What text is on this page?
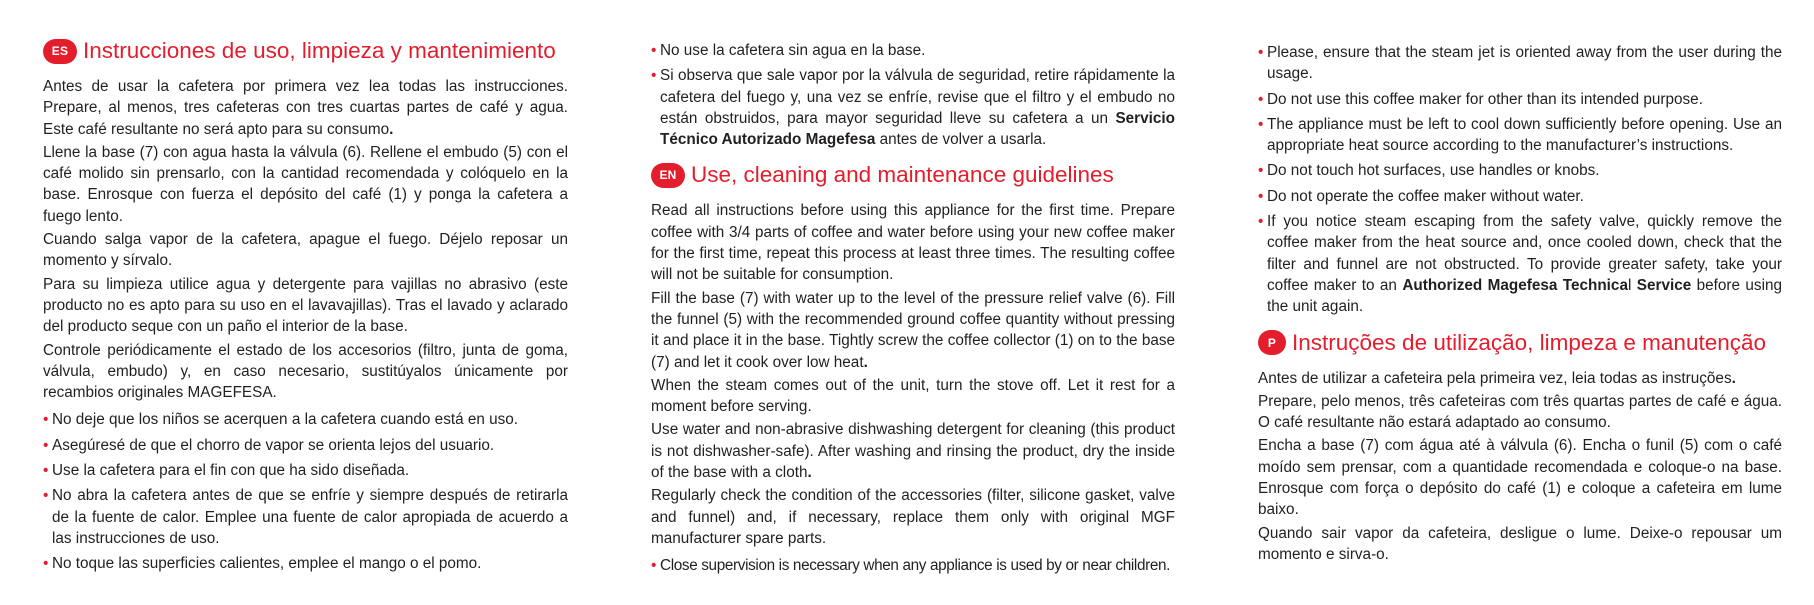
ES Instrucciones de uso, limpieza y mantenimiento

Antes de usar la cafetera por primera vez lea todas las instrucciones. Prepare, al menos, tres cafeteras con tres cuartas partes de café y agua. Este café resultante no será apto para su consumo.

Llene la base (7) con agua hasta la válvula (6). Rellene el embudo (5) con el café molido sin prensarlo, con la cantidad recomendada y colóquelo en la base. Enrosque con fuerza el depósito del café (1) y ponga la cafetera a fuego lento.

Cuando salga vapor de la cafetera, apague el fuego. Déjelo reposar un momento y sírvalo.

Para su limpieza utilice agua y detergente para vajillas no abrasivo (este producto no es apto para su uso en el lavavajillas). Tras el lavado y aclarado del producto seque con un paño el interior de la base.

Controle periódicamente el estado de los accesorios (filtro, junta de goma, válvula, embudo) y, en caso necesario, sustitúyalos únicamente por recambios originales MAGEFESA.

• No deje que los niños se acerquen a la cafetera cuando está en uso.
• Asegúresé de que el chorro de vapor se orienta lejos del usuario.
• Use la cafetera para el fin con que ha sido diseñada.
• No abra la cafetera antes de que se enfríe y siempre después de retirarla de la fuente de calor. Emplee una fuente de calor apropiada de acuerdo a las instrucciones de uso.
• No toque las superficies calientes, emplee el mango o el pomo.
• No use la cafetera sin agua en la base.
• Si observa que sale vapor por la válvula de seguridad, retire rápidamente la cafetera del fuego y, una vez se enfríe, revise que el filtro y el embudo no están obstruidos, para mayor seguridad lleve su cafetera a un Servicio Técnico Autorizado Magefesa antes de volver a usarla.
EN Use, cleaning and maintenance guidelines

Read all instructions before using this appliance for the first time. Prepare coffee with 3/4 parts of coffee and water before using your new coffee maker for the first time, repeat this process at least three times. The resulting coffee will not be suitable for consumption.

Fill the base (7) with water up to the level of the pressure relief valve (6). Fill the funnel (5) with the recommended ground coffee quantity without pressing it and place it in the base. Tightly screw the coffee collector (1) on to the base (7) and let it cook over low heat.

When the steam comes out of the unit, turn the stove off. Let it rest for a moment before serving.

Use water and non-abrasive dishwashing detergent for cleaning (this product is not dishwasher-safe). After washing and rinsing the product, dry the inside of the base with a cloth.

Regularly check the condition of the accessories (filter, silicone gasket, valve and funnel) and, if necessary, replace them only with original MGF manufacturer spare parts.

• Close supervision is necessary when any appliance is used by or near children.
• Please, ensure that the steam jet is oriented away from the user during the usage.
• Do not use this coffee maker for other than its intended purpose.
• The appliance must be left to cool down sufficiently before opening. Use an appropriate heat source according to the manufacturer’s instructions.
• Do not touch hot surfaces, use handles or knobs.
• Do not operate the coffee maker without water.
• If you notice steam escaping from the safety valve, quickly remove the coffee maker from the heat source and, once cooled down, check that the filter and funnel are not obstructed. To provide greater safety, take your coffee maker to an Authorized Magefesa Technical Service before using the unit again.
P Instruções de utilização, limpeza e manutenção

Antes de utilizar a cafeteira pela primeira vez, leia todas as instruções.

Prepare, pelo menos, três cafeteiras com três quartas partes de café e água. O café resultante não estará adaptado ao consumo.

Encha a base (7) com água até à válvula (6). Encha o funil (5) com o café moído sem prensar, com a quantidade recomendada e coloque-o na base. Enrosque com força o depósito do café (1) e coloque a cafeteira em lume baixo.

Quando sair vapor da cafeteira, desligue o lume. Deixe-o repousar um momento e sirva-o.
